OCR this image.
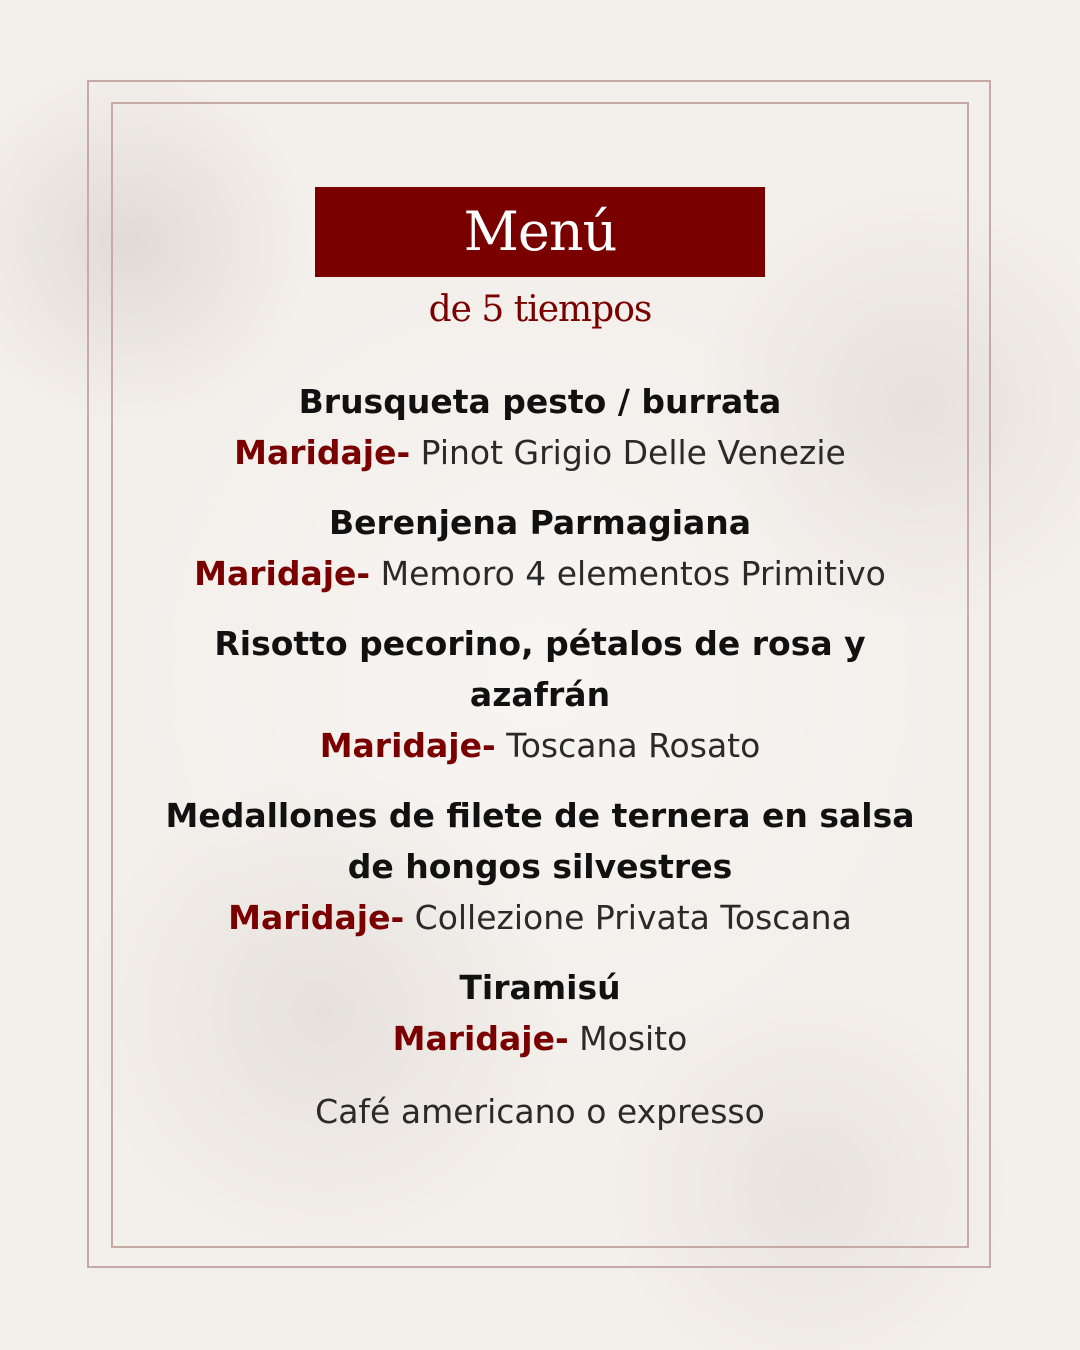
Menú
de 5 tiempos
Brusqueta pesto / burrata
Maridaje- Pinot Grigio Delle Venezie
Berenjena Parmagiana
Maridaje- Memoro 4 elementos Primitivo
Risotto pecorino, pétalos de rosa y azafrán
Maridaje- Toscana Rosato
Medallones de filete de ternera en salsa de hongos silvestres
Maridaje- Collezione Privata Toscana
Tiramisú
Maridaje- Mosito
Café americano o expresso
